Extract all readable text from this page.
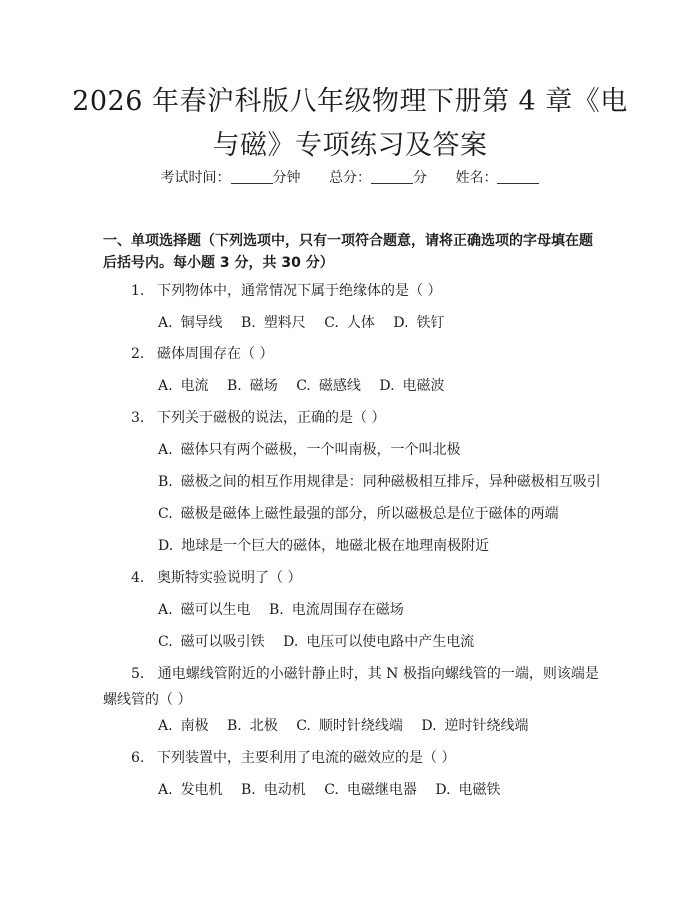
2026 年春沪科版八年级物理下册第 4 章《电
与磁》专项练习及答案
考试时间：	分钟 总分：	分 姓名：
一、单项选择题（下列选项中，只有一项符合题意，请将正确选项的字母填在题后括号内。每小题 3 分，共 30 分）
1. 下列物体中，通常情况下属于绝缘体的是（ ）
A. 铜导线 B. 塑料尺 C. 人体 D. 铁钉
2. 磁体周围存在（ ）
A. 电流 B. 磁场 C. 磁感线 D. 电磁波
3. 下列关于磁极的说法，正确的是（ ）
A. 磁体只有两个磁极，一个叫南极，一个叫北极
B. 磁极之间的相互作用规律是：同种磁极相互排斥，异种磁极相互吸引
C. 磁极是磁体上磁性最强的部分，所以磁极总是位于磁体的两端
D. 地球是一个巨大的磁体，地磁北极在地理南极附近
4. 奥斯特实验说明了（ ）
A. 磁可以生电 B. 电流周围存在磁场
C. 磁可以吸引铁 D. 电压可以使电路中产生电流
5. 通电螺线管附近的小磁针静止时，其 N 极指向螺线管的一端，则该端是螺线管的（ ）
A. 南极 B. 北极 C. 顺时针绕线端 D. 逆时针绕线端
6. 下列装置中，主要利用了电流的磁效应的是（ ）
A. 发电机 B. 电动机 C. 电磁继电器 D. 电磁铁
